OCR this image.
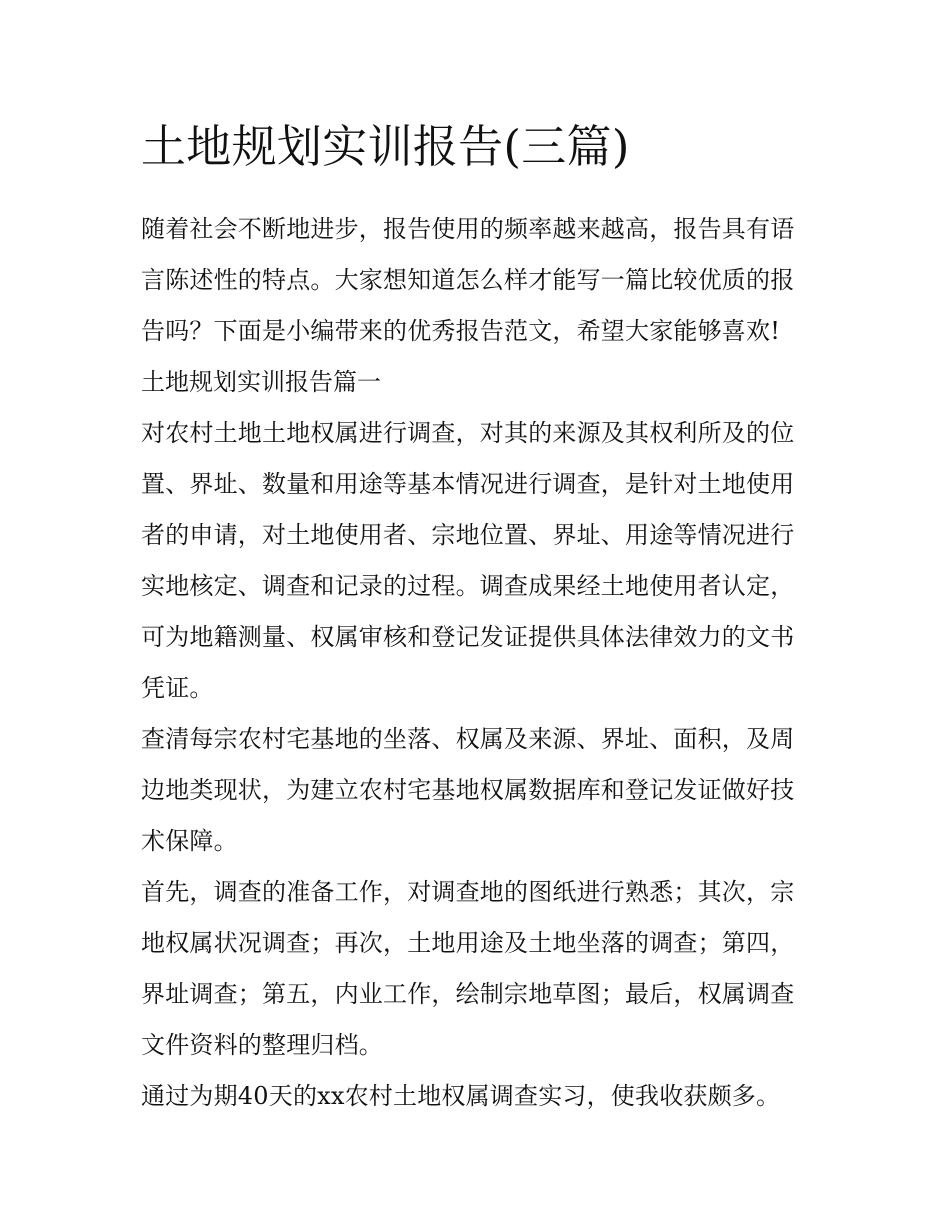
土地规划实训报告(三篇)

随着社会不断地进步，报告使用的频率越来越高，报告具有语
言陈述性的特点。大家想知道怎么样才能写一篇比较优质的报
告吗？下面是小编带来的优秀报告范文，希望大家能够喜欢!

土地规划实训报告篇一

对农村土地土地权属进行调查，对其的来源及其权利所及的位
置、界址、数量和用途等基本情况进行调查，是针对土地使用
者的申请，对土地使用者、宗地位置、界址、用途等情况进行
实地核定、调查和记录的过程。调查成果经土地使用者认定，
可为地籍测量、权属审核和登记发证提供具体法律效力的文书
凭证。

查清每宗农村宅基地的坐落、权属及来源、界址、面积，及周
边地类现状，为建立农村宅基地权属数据库和登记发证做好技
术保障。

首先，调查的准备工作，对调查地的图纸进行熟悉；其次，宗
地权属状况调查；再次，土地用途及土地坐落的调查；第四，
界址调查；第五，内业工作，绘制宗地草图；最后，权属调查
文件资料的整理归档。

通过为期40天的xx农村土地权属调查实习，使我收获颇多。
